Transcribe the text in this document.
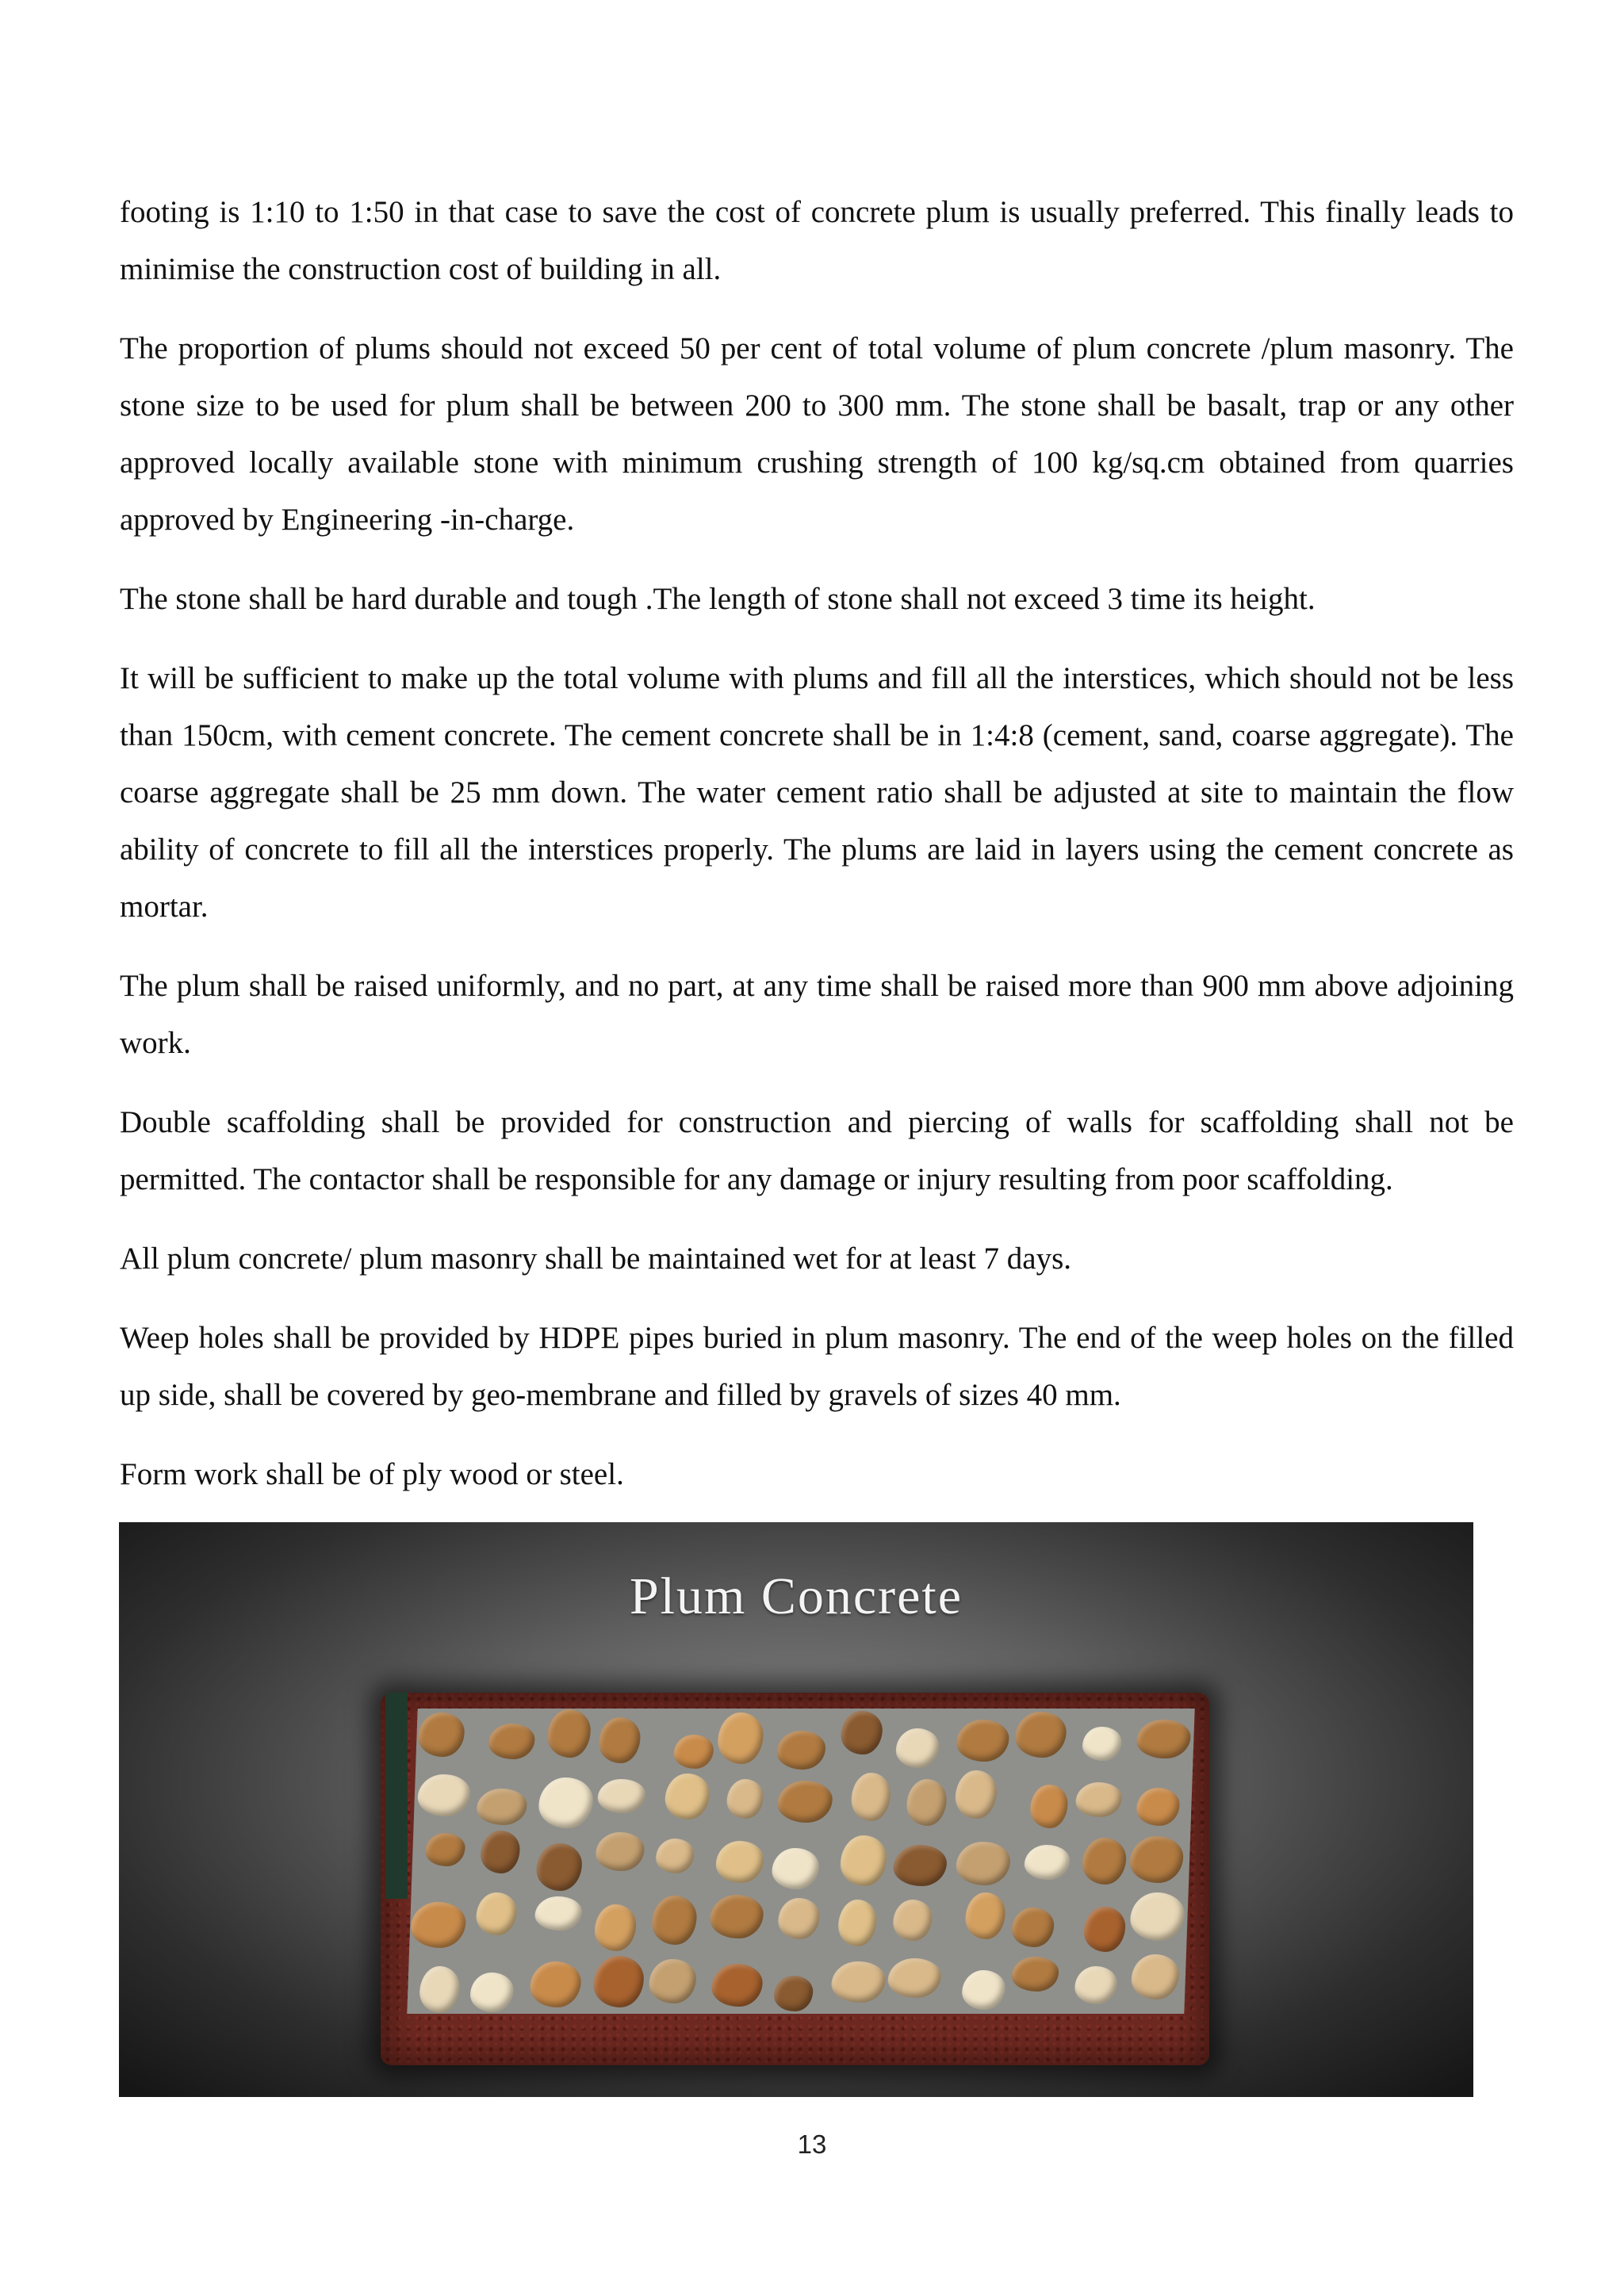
footing is 1:10 to 1:50 in that case to save the cost of concrete plum is usually preferred. This finally leads to minimise the construction cost of building in all.

The proportion of plums should not exceed 50 per cent of total volume of plum concrete /plum masonry. The stone size to be used for plum shall be between 200 to 300 mm. The stone shall be basalt, trap or any other approved locally available stone with minimum crushing strength of 100 kg/sq.cm obtained from quarries approved by Engineering -in-charge.

The stone shall be hard durable and tough .The length of stone shall not exceed 3 time its height.

It will be sufficient to make up the total volume with plums and fill all the interstices, which should not be less than 150cm, with cement concrete. The cement concrete shall be in 1:4:8 (cement, sand, coarse aggregate). The coarse aggregate shall be 25 mm down. The water cement ratio shall be adjusted at site to maintain the flow ability of concrete to fill all the interstices properly. The plums are laid in layers using the cement concrete as mortar.

The plum shall be raised uniformly, and no part, at any time shall be raised more than 900 mm above adjoining work.

Double scaffolding shall be provided for construction and piercing of walls for scaffolding shall not be permitted. The contactor shall be responsible for any damage or injury resulting from poor scaffolding.

All plum concrete/ plum masonry shall be maintained wet for at least 7 days.

Weep holes shall be provided by HDPE pipes buried in plum masonry. The end of the weep holes on the filled up side, shall be covered by geo-membrane and filled by gravels of sizes 40 mm.

Form work shall be of ply wood or steel.

Plum Concrete
13
